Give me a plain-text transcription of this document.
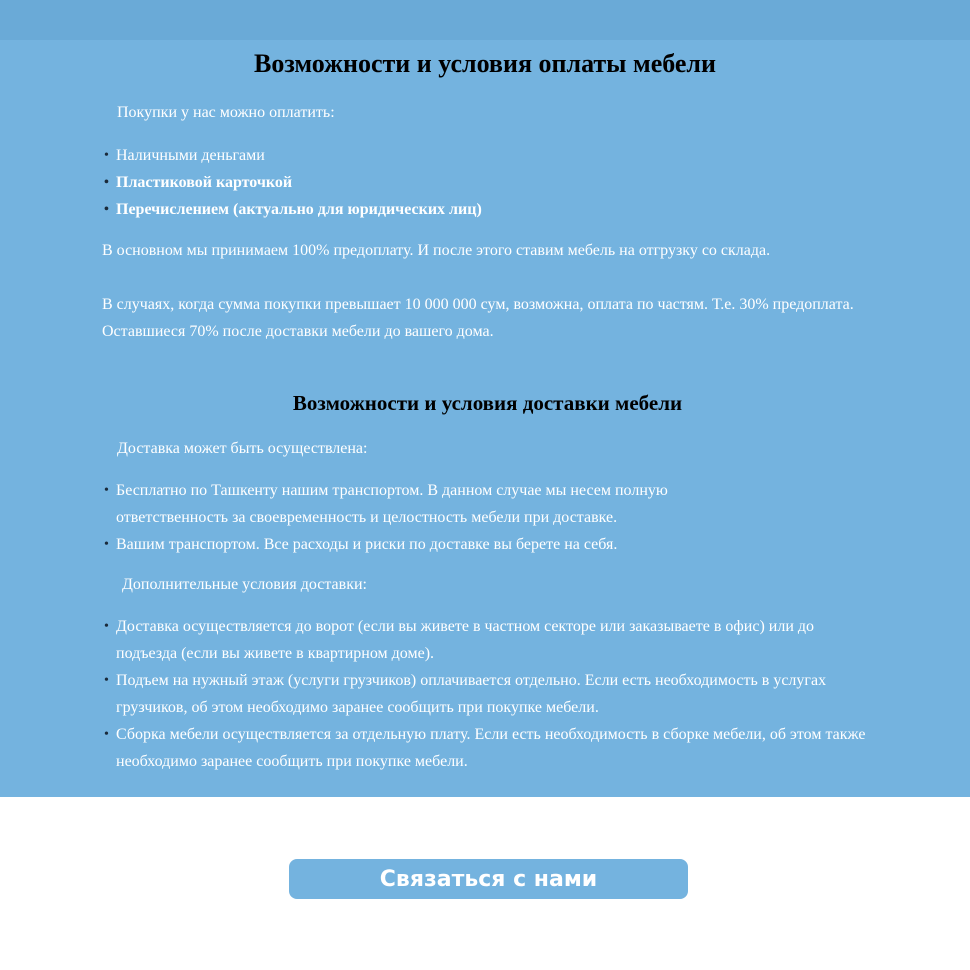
Возможности и условия оплаты мебели
Покупки у нас можно оплатить:
• Наличными деньгами
• Пластиковой карточкой
• Перечислением (актуально для юридических лиц)
В основном мы принимаем 100% предоплату. И после этого ставим мебель на отгрузку со склада.
В случаях, когда сумма покупки превышает 10 000 000 сум, возможна, оплата по частям. Т.е. 30% предоплата. Оставшиеся 70% после доставки мебели до вашего дома.
Возможности и условия доставки мебели
Доставка может быть осуществлена:
• Бесплатно по Ташкенту нашим транспортом. В данном случае мы несем полную ответственность за своевременность и целостность мебели при доставке.
• Вашим транспортом. Все расходы и риски по доставке вы берете на себя.
Дополнительные условия доставки:
• Доставка осуществляется до ворот (если вы живете в частном секторе или заказываете в офис) или до подъезда (если вы живете в квартирном доме).
• Подъем на нужный этаж (услуги грузчиков) оплачивается отдельно. Если есть необходимость в услугах грузчиков, об этом необходимо заранее сообщить при покупке мебели.
• Сборка мебели осуществляется за отдельную плату. Если есть необходимость в сборке мебели, об этом также необходимо заранее сообщить при покупке мебели.
Связаться с нами
